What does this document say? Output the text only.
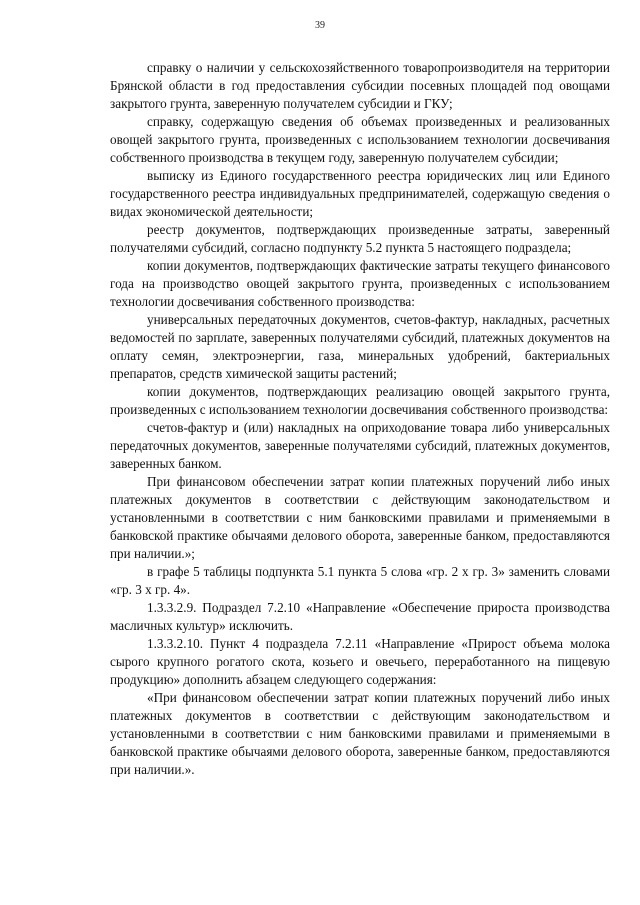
39

справку о наличии у сельскохозяйственного товаропроизводителя на территории Брянской области в год предоставления субсидии посевных площадей под овощами закрытого грунта, заверенную получателем субсидии и ГКУ;

справку, содержащую сведения об объемах произведенных и реализованных овощей закрытого грунта, произведенных с использованием технологии досвечивания собственного производства в текущем году, заверенную получателем субсидии;

выписку из Единого государственного реестра юридических лиц или Единого государственного реестра индивидуальных предпринимателей, содержащую сведения о видах экономической деятельности;

реестр документов, подтверждающих произведенные затраты, заверенный получателями субсидий, согласно подпункту 5.2 пункта 5 настоящего подраздела;

копии документов, подтверждающих фактические затраты текущего финансового года на производство овощей закрытого грунта, произведенных с использованием технологии досвечивания собственного производства:

универсальных передаточных документов, счетов-фактур, накладных, расчетных ведомостей по зарплате, заверенных получателями субсидий, платежных документов на оплату семян, электроэнергии, газа, минеральных удобрений, бактериальных препаратов, средств химической защиты растений;

копии документов, подтверждающих реализацию овощей закрытого грунта, произведенных с использованием технологии досвечивания собственного производства:

счетов-фактур и (или) накладных на оприходование товара либо универсальных передаточных документов, заверенные получателями субсидий, платежных документов, заверенных банком.

При финансовом обеспечении затрат копии платежных поручений либо иных платежных документов в соответствии с действующим законодательством и установленными в соответствии с ним банковскими правилами и применяемыми в банковской практике обычаями делового оборота, заверенные банком, предоставляются при наличии.»;

в графе 5 таблицы подпункта 5.1 пункта 5 слова «гр. 2 х гр. 3» заменить словами «гр. 3 х гр. 4».

1.3.3.2.9. Подраздел 7.2.10 «Направление «Обеспечение прироста производства масличных культур» исключить.

1.3.3.2.10. Пункт 4 подраздела 7.2.11 «Направление «Прирост объема молока сырого крупного рогатого скота, козьего и овечьего, переработанного на пищевую продукцию» дополнить абзацем следующего содержания:

«При финансовом обеспечении затрат копии платежных поручений либо иных платежных документов в соответствии с действующим законодательством и установленными в соответствии с ним банковскими правилами и применяемыми в банковской практике обычаями делового оборота, заверенные банком, предоставляются при наличии.».
